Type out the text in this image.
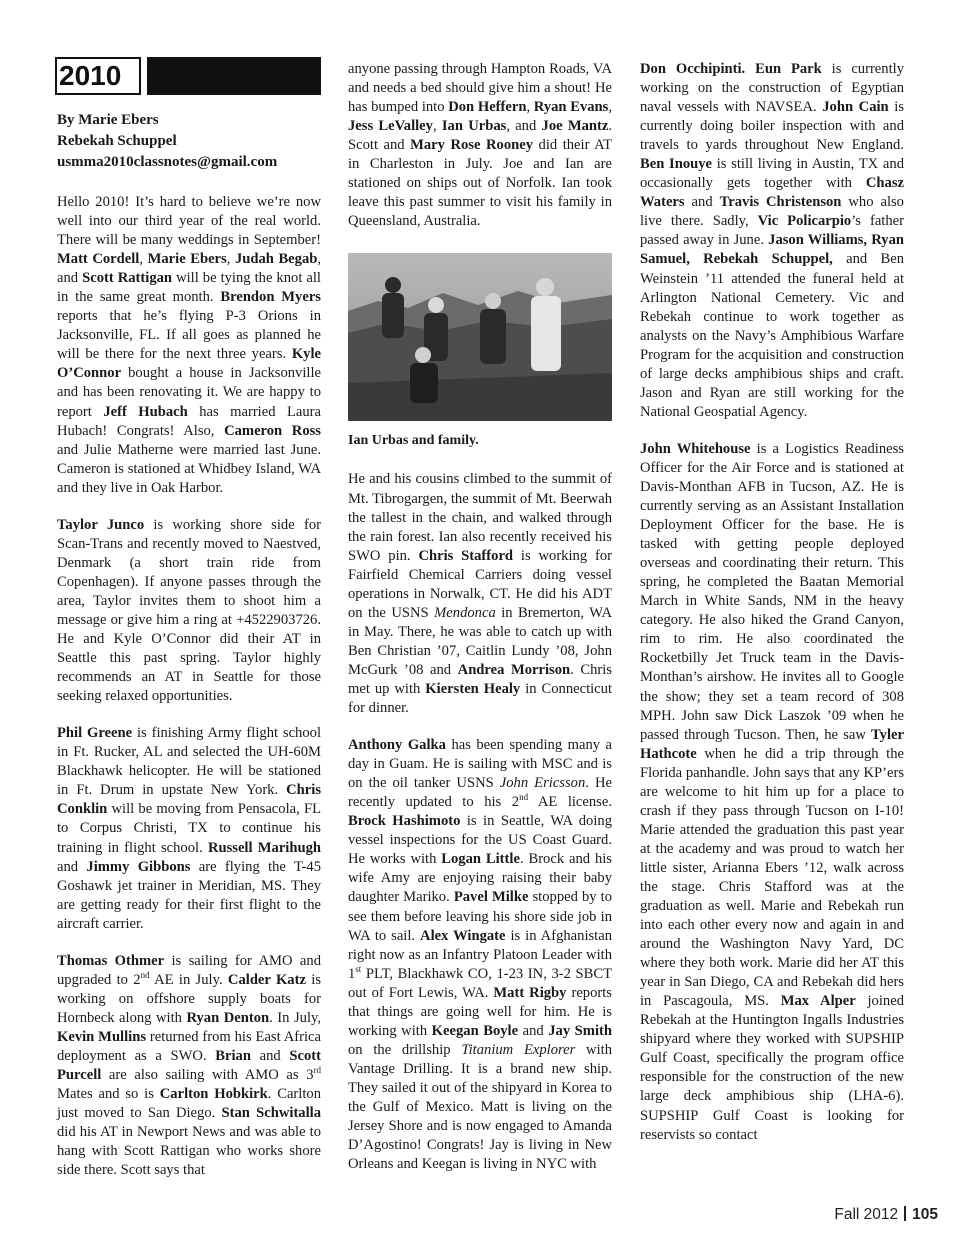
2010
By Marie Ebers
Rebekah Schuppel
usmma2010classnotes@gmail.com

Hello 2010! It’s hard to believe we’re now well into our third year of the real world. There will be many weddings in September! Matt Cordell, Marie Ebers, Judah Begab, and Scott Rattigan will be tying the knot all in the same great month. Brendon Myers reports that he’s flying P-3 Orions in Jacksonville, FL. If all goes as planned he will be there for the next three years. Kyle O’Connor bought a house in Jacksonville and has been renovating it. We are happy to report Jeff Hubach has married Laura Hubach! Congrats! Also, Cameron Ross and Julie Matherne were married last June. Cameron is stationed at Whidbey Island, WA and they live in Oak Harbor.

Taylor Junco is working shore side for Scan-Trans and recently moved to Naestved, Denmark (a short train ride from Copenhagen). If anyone passes through the area, Taylor invites them to shoot him a message or give him a ring at +4522903726. He and Kyle O’Connor did their AT in Seattle this past spring. Taylor highly recommends an AT in Seattle for those seeking relaxed opportunities.

Phil Greene is finishing Army flight school in Ft. Rucker, AL and selected the UH-60M Blackhawk helicopter. He will be stationed in Ft. Drum in upstate New York. Chris Conklin will be moving from Pensacola, FL to Corpus Christi, TX to continue his training in flight school. Russell Marihugh and Jimmy Gibbons are flying the T-45 Goshawk jet trainer in Meridian, MS. They are getting ready for their first flight to the aircraft carrier.

Thomas Othmer is sailing for AMO and upgraded to 2nd AE in July. Calder Katz is working on offshore supply boats for Hornbeck along with Ryan Denton. In July, Kevin Mullins returned from his East Africa deployment as a SWO. Brian and Scott Purcell are also sailing with AMO as 3rd Mates and so is Carlton Hobkirk. Carlton just moved to San Diego. Stan Schwitalla did his AT in Newport News and was able to hang with Scott Rattigan who works shore side there. Scott says that

anyone passing through Hampton Roads, VA and needs a bed should give him a shout! He has bumped into Don Heffern, Ryan Evans, Jess LeValley, Ian Urbas, and Joe Mantz. Scott and Mary Rose Rooney did their AT in Charleston in July. Joe and Ian are stationed on ships out of Norfolk. Ian took leave this past summer to visit his family in Queensland, Australia.

Ian Urbas and family.

He and his cousins climbed to the summit of Mt. Tibrogargen, the summit of Mt. Beerwah the tallest in the chain, and walked through the rain forest. Ian also recently received his SWO pin. Chris Stafford is working for Fairfield Chemical Carriers doing vessel operations in Norwalk, CT. He did his ADT on the USNS Mendonca in Bremerton, WA in May. There, he was able to catch up with Ben Christian ’07, Caitlin Lundy ’08, John McGurk ’08 and Andrea Morrison. Chris met up with Kiersten Healy in Connecticut for dinner.

Anthony Galka has been spending many a day in Guam. He is sailing with MSC and is on the oil tanker USNS John Ericsson. He recently updated to his 2nd AE license. Brock Hashimoto is in Seattle, WA doing vessel inspections for the US Coast Guard. He works with Logan Little. Brock and his wife Amy are enjoying raising their baby daughter Mariko. Pavel Milke stopped by to see them before leaving his shore side job in WA to sail. Alex Wingate is in Afghanistan right now as an Infantry Platoon Leader with 1st PLT, Blackhawk CO, 1-23 IN, 3-2 SBCT out of Fort Lewis, WA. Matt Rigby reports that things are going well for him. He is working with Keegan Boyle and Jay Smith on the drillship Titanium Explorer with Vantage Drilling. It is a brand new ship. They sailed it out of the shipyard in Korea to the Gulf of Mexico. Matt is living on the Jersey Shore and is now engaged to Amanda D’Agostino! Congrats! Jay is living in New Orleans and Keegan is living in NYC with

Don Occhipinti. Eun Park is currently working on the construction of Egyptian naval vessels with NAVSEA. John Cain is currently doing boiler inspection with and travels to yards throughout New England. Ben Inouye is still living in Austin, TX and occasionally gets together with Chasz Waters and Travis Christenson who also live there. Sadly, Vic Policarpio’s father passed away in June. Jason Williams, Ryan Samuel, Rebekah Schuppel, and Ben Weinstein ’11 attended the funeral held at Arlington National Cemetery. Vic and Rebekah continue to work together as analysts on the Navy’s Amphibious Warfare Program for the acquisition and construction of large decks amphibious ships and craft. Jason and Ryan are still working for the National Geospatial Agency.

John Whitehouse is a Logistics Readiness Officer for the Air Force and is stationed at Davis-Monthan AFB in Tucson, AZ. He is currently serving as an Assistant Installation Deployment Officer for the base. He is tasked with getting people deployed overseas and coordinating their return. This spring, he completed the Baatan Memorial March in White Sands, NM in the heavy category. He also hiked the Grand Canyon, rim to rim. He also coordinated the Rocketbilly Jet Truck team in the Davis-Monthan’s airshow. He invites all to Google the show; they set a team record of 308 MPH. John saw Dick Laszok ’09 when he passed through Tucson. Then, he saw Tyler Hathcote when he did a trip through the Florida panhandle. John says that any KP’ers are welcome to hit him up for a place to crash if they pass through Tucson on I-10! Marie attended the graduation this past year at the academy and was proud to watch her little sister, Arianna Ebers ’12, walk across the stage. Chris Stafford was at the graduation as well. Marie and Rebekah run into each other every now and again in and around the Washington Navy Yard, DC where they both work. Marie did her AT this year in San Diego, CA and Rebekah did hers in Pascagoula, MS. Max Alper joined Rebekah at the Huntington Ingalls Industries shipyard where they worked with SUPSHIP Gulf Coast, specifically the program office responsible for the construction of the new large deck amphibious ship (LHA-6). SUPSHIP Gulf Coast is looking for reservists so contact

Fall 2012 105
